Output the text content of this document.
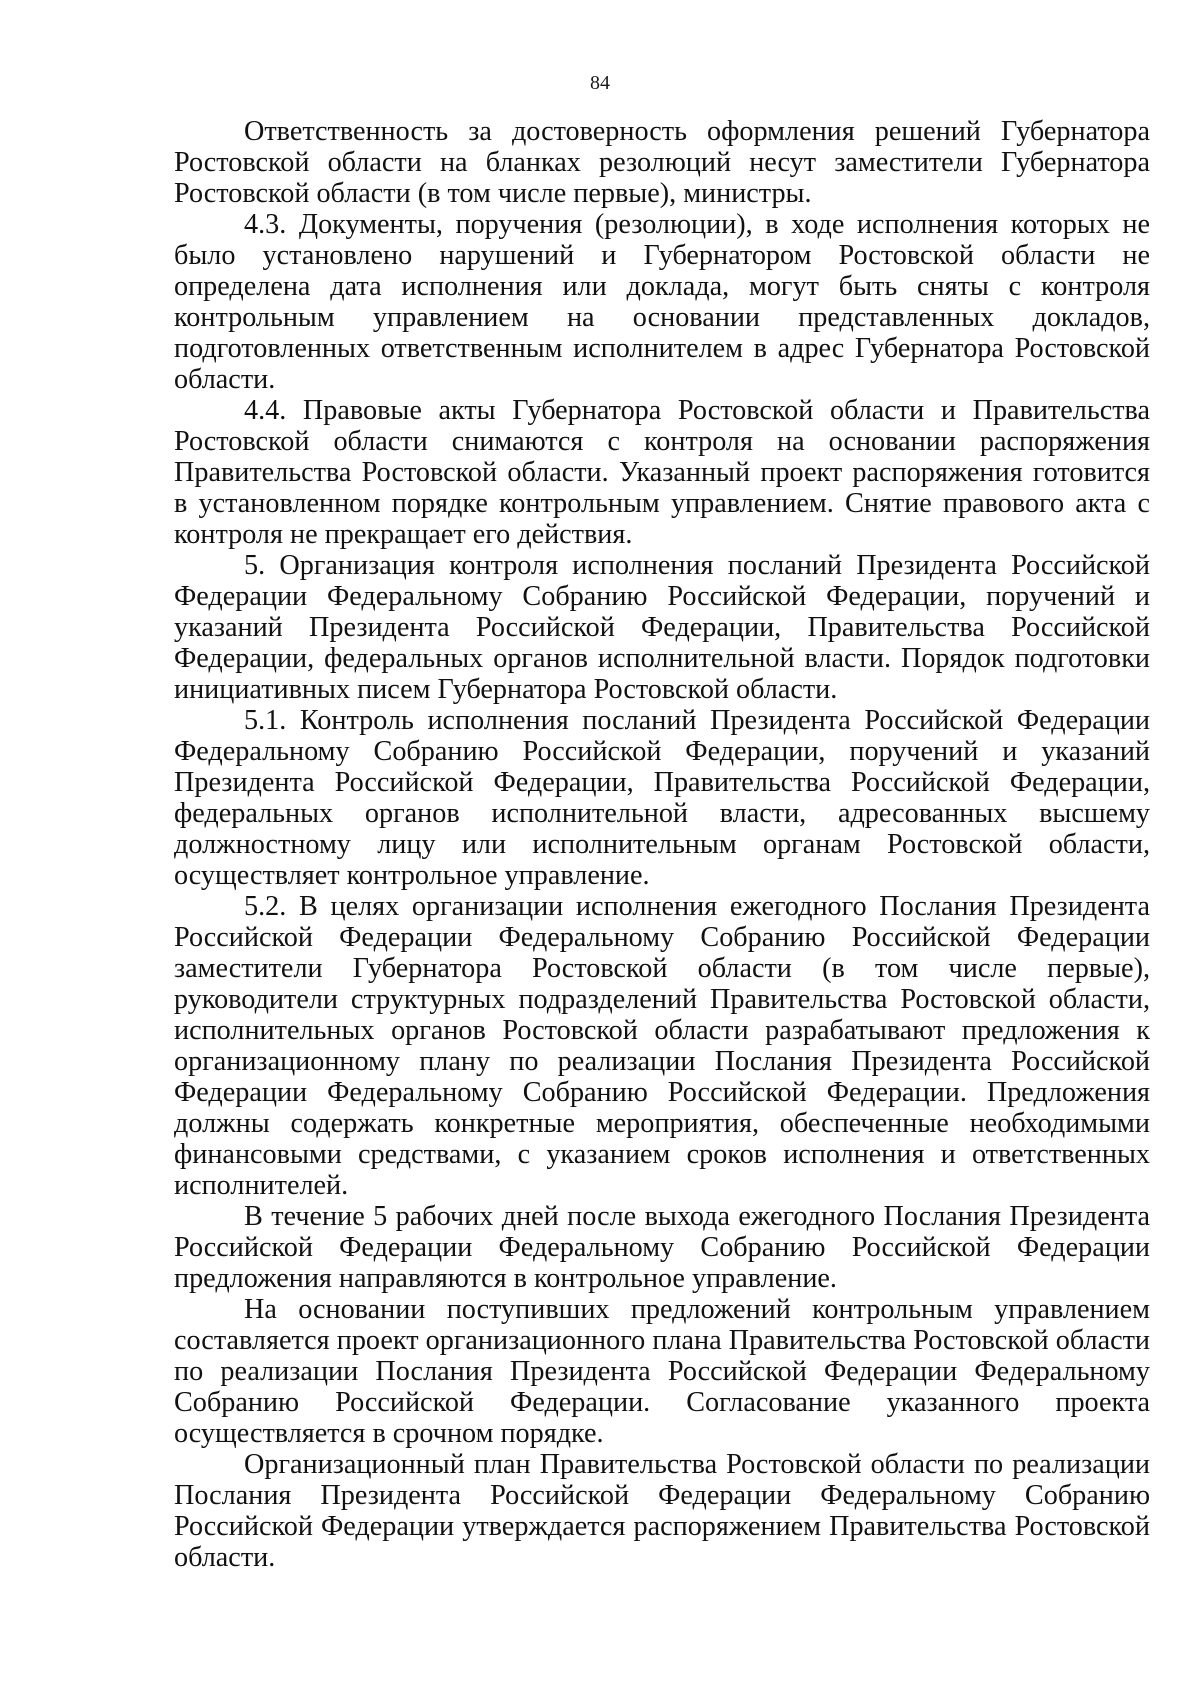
84

Ответственность за достоверность оформления решений Губернатора Ростовской области на бланках резолюций несут заместители Губернатора Ростовской области (в том числе первые), министры.

4.3. Документы, поручения (резолюции), в ходе исполнения которых не было установлено нарушений и Губернатором Ростовской области не определена дата исполнения или доклада, могут быть сняты с контроля контрольным управлением на основании представленных докладов, подготовленных ответственным исполнителем в адрес Губернатора Ростовской области.

4.4. Правовые акты Губернатора Ростовской области и Правительства Ростовской области снимаются с контроля на основании распоряжения Правительства Ростовской области. Указанный проект распоряжения готовится в установленном порядке контрольным управлением. Снятие правового акта с контроля не прекращает его действия.

5. Организация контроля исполнения посланий Президента Российской Федерации Федеральному Собранию Российской Федерации, поручений и указаний Президента Российской Федерации, Правительства Российской Федерации, федеральных органов исполнительной власти. Порядок подготовки инициативных писем Губернатора Ростовской области.

5.1. Контроль исполнения посланий Президента Российской Федерации Федеральному Собранию Российской Федерации, поручений и указаний Президента Российской Федерации, Правительства Российской Федерации, федеральных органов исполнительной власти, адресованных высшему должностному лицу или исполнительным органам Ростовской области, осуществляет контрольное управление.

5.2. В целях организации исполнения ежегодного Послания Президента Российской Федерации Федеральному Собранию Российской Федерации заместители Губернатора Ростовской области (в том числе первые), руководители структурных подразделений Правительства Ростовской области, исполнительных органов Ростовской области разрабатывают предложения к организационному плану по реализации Послания Президента Российской Федерации Федеральному Собранию Российской Федерации. Предложения должны содержать конкретные мероприятия, обеспеченные необходимыми финансовыми средствами, с указанием сроков исполнения и ответственных исполнителей.

В течение 5 рабочих дней после выхода ежегодного Послания Президента Российской Федерации Федеральному Собранию Российской Федерации предложения направляются в контрольное управление.

На основании поступивших предложений контрольным управлением составляется проект организационного плана Правительства Ростовской области по реализации Послания Президента Российской Федерации Федеральному Собранию Российской Федерации. Согласование указанного проекта осуществляется в срочном порядке.

Организационный план Правительства Ростовской области по реализации Послания Президента Российской Федерации Федеральному Собранию Российской Федерации утверждается распоряжением Правительства Ростовской области.
